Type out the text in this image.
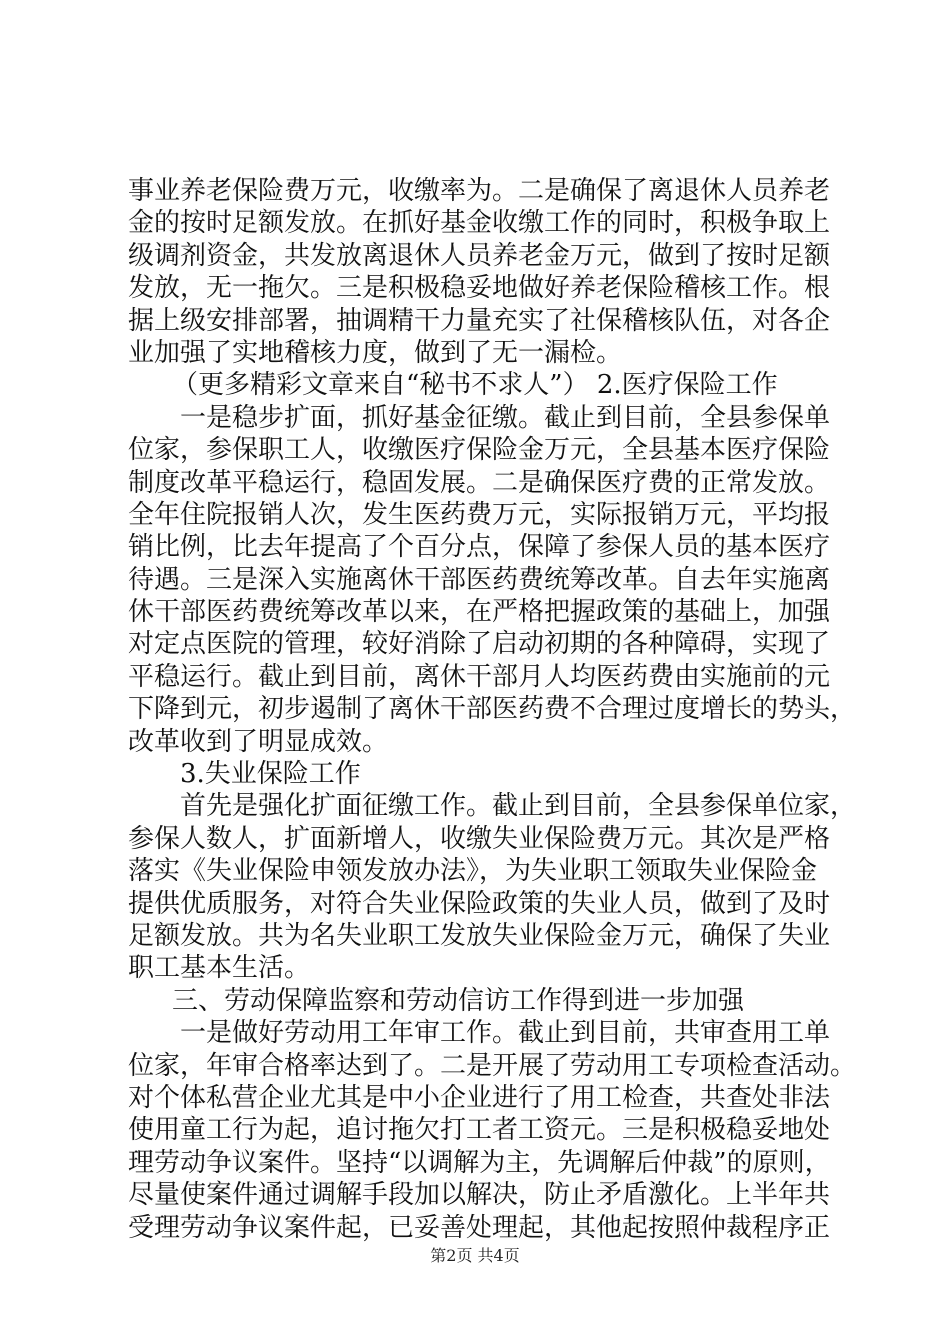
事业养老保险费万元，收缴率为。二是确保了离退休人员养老
金的按时足额发放。在抓好基金收缴工作的同时，积极争取上
级调剂资金，共发放离退休人员养老金万元，做到了按时足额
发放，无一拖欠。三是积极稳妥地做好养老保险稽核工作。根
据上级安排部署，抽调精干力量充实了社保稽核队伍，对各企
业加强了实地稽核力度，做到了无一漏检。
（更多精彩文章来自“秘书不求人”） 2.医疗保险工作
一是稳步扩面，抓好基金征缴。截止到目前，全县参保单
位家，参保职工人，收缴医疗保险金万元，全县基本医疗保险
制度改革平稳运行，稳固发展。二是确保医疗费的正常发放。
全年住院报销人次，发生医药费万元，实际报销万元，平均报
销比例，比去年提高了个百分点，保障了参保人员的基本医疗
待遇。三是深入实施离休干部医药费统筹改革。自去年实施离
休干部医药费统筹改革以来，在严格把握政策的基础上，加强
对定点医院的管理，较好消除了启动初期的各种障碍，实现了
平稳运行。截止到目前，离休干部月人均医药费由实施前的元
下降到元，初步遏制了离休干部医药费不合理过度增长的势头，
改革收到了明显成效。
3.失业保险工作
首先是强化扩面征缴工作。截止到目前，全县参保单位家，
参保人数人，扩面新增人，收缴失业保险费万元。其次是严格
落实《失业保险申领发放办法》，为失业职工领取失业保险金
提供优质服务，对符合失业保险政策的失业人员，做到了及时
足额发放。共为名失业职工发放失业保险金万元，确保了失业
职工基本生活。
三、劳动保障监察和劳动信访工作得到进一步加强
一是做好劳动用工年审工作。截止到目前，共审查用工单
位家，年审合格率达到了。二是开展了劳动用工专项检查活动。
对个体私营企业尤其是中小企业进行了用工检查，共查处非法
使用童工行为起，追讨拖欠打工者工资元。三是积极稳妥地处
理劳动争议案件。坚持“以调解为主，先调解后仲裁”的原则，
尽量使案件通过调解手段加以解决，防止矛盾激化。上半年共
受理劳动争议案件起，已妥善处理起，其他起按照仲裁程序正
第2页 共4页
